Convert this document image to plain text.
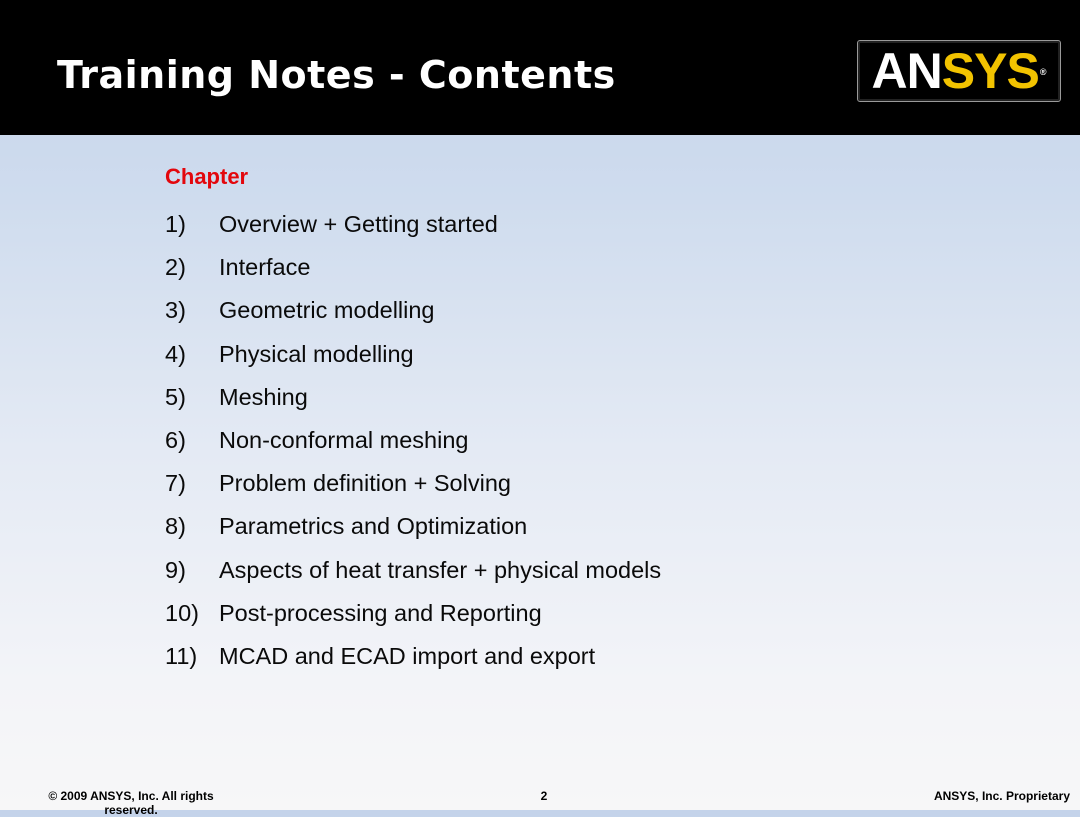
Training Notes - Contents	AN SYS ®

Chapter

1)	Overview + Getting started
2)	Interface
3)	Geometric modelling
4)	Physical modelling
5)	Meshing
6)	Non-conformal meshing
7)	Problem definition + Solving
8)	Parametrics and Optimization
9)	Aspects of heat transfer + physical models
10) Post-processing and Reporting
11) MCAD and ECAD import and export
© 2009 ANSYS, Inc. All rights reserved.
2	ANSYS, Inc. Proprietary
